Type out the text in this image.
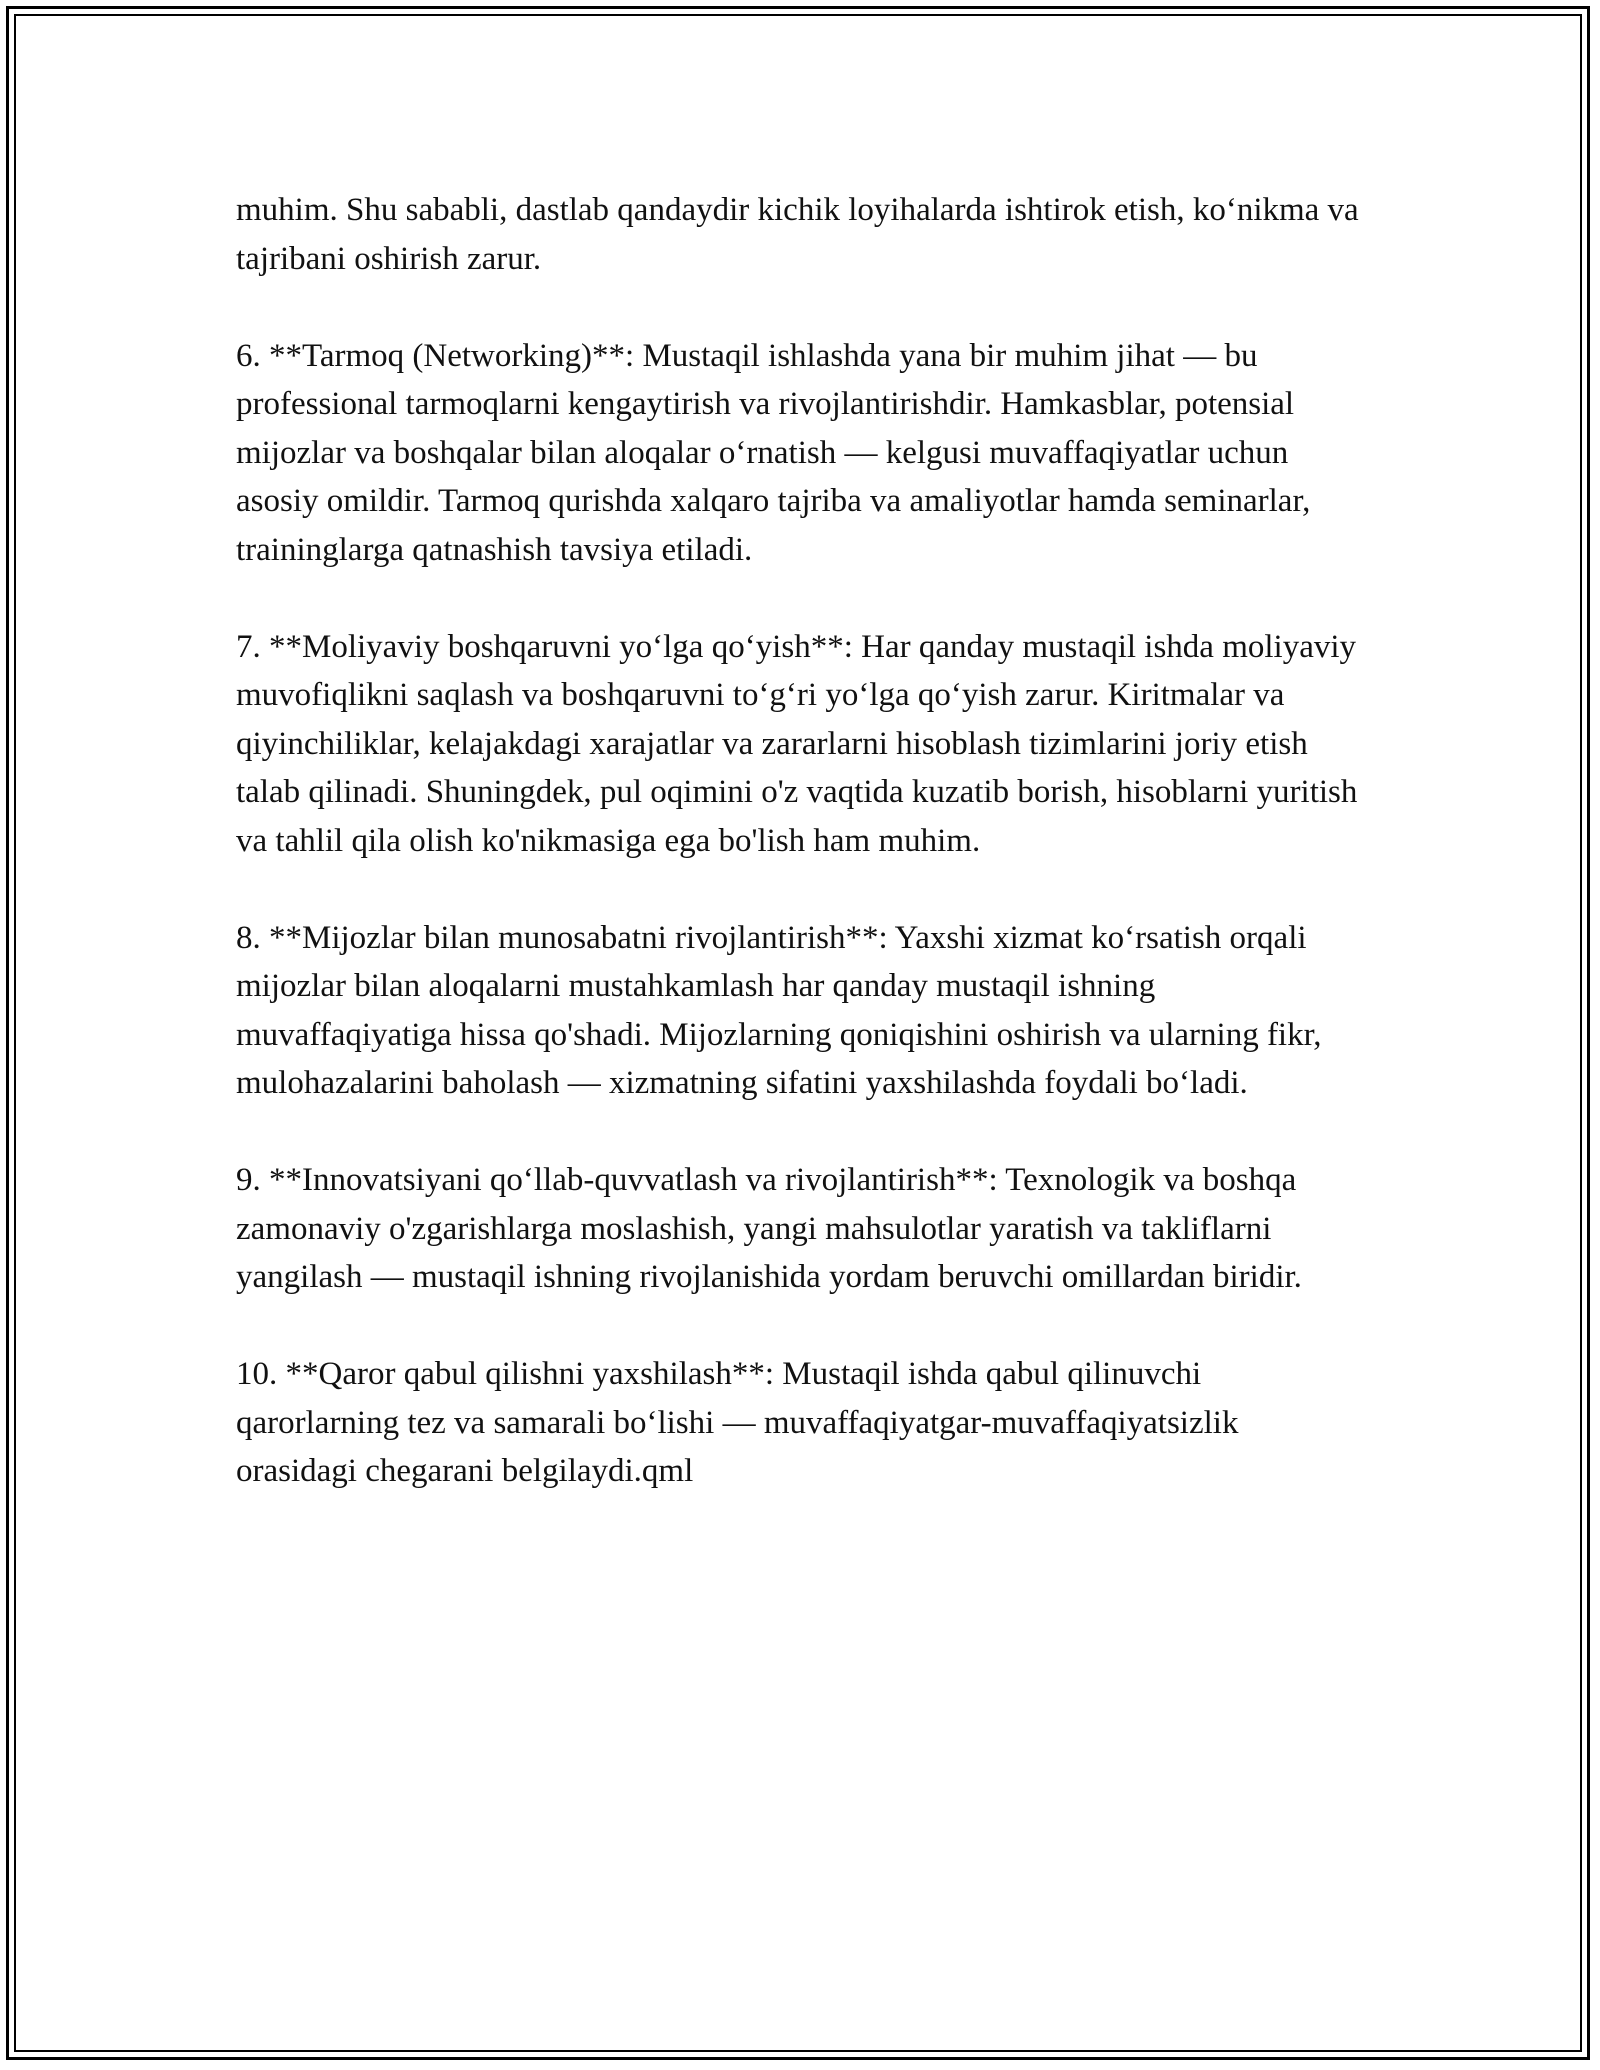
muhim. Shu sababli, dastlab qandaydir kichik loyihalarda ishtirok etish, ko‘nikma va tajribani oshirish zarur.

6. **Tarmoq (Networking)**: Mustaqil ishlashda yana bir muhim jihat — bu professional tarmoqlarni kengaytirish va rivojlantirishdir. Hamkasblar, potensial mijozlar va boshqalar bilan aloqalar o‘rnatish — kelgusi muvaffaqiyatlar uchun asosiy omildir. Tarmoq qurishda xalqaro tajriba va amaliyotlar hamda seminarlar, traininglarga qatnashish tavsiya etiladi.

7. **Moliyaviy boshqaruvni yo‘lga qo‘yish**: Har qanday mustaqil ishda moliyaviy muvofiqlikni saqlash va boshqaruvni to‘g‘ri yo‘lga qo‘yish zarur. Kiritmalar va qiyinchiliklar, kelajakdagi xarajatlar va zararlarni hisoblash tizimlarini joriy etish talab qilinadi. Shuningdek, pul oqimini o'z vaqtida kuzatib borish, hisoblarni yuritish va tahlil qila olish ko'nikmasiga ega bo'lish ham muhim.

8. **Mijozlar bilan munosabatni rivojlantirish**: Yaxshi xizmat ko‘rsatish orqali mijozlar bilan aloqalarni mustahkamlash har qanday mustaqil ishning muvaffaqiyatiga hissa qo'shadi. Mijozlarning qoniqishini oshirish va ularning fikr, mulohazalarini baholash — xizmatning sifatini yaxshilashda foydali bo‘ladi.

9. **Innovatsiyani qo‘llab-quvvatlash va rivojlantirish**: Texnologik va boshqa zamonaviy o'zgarishlarga moslashish, yangi mahsulotlar yaratish va takliflarni yangilash — mustaqil ishning rivojlanishida yordam beruvchi omillardan biridir.

10. **Qaror qabul qilishni yaxshilash**: Mustaqil ishda qabul qilinuvchi qarorlarning tez va samarali bo‘lishi — muvaffaqiyatgar-muvaffaqiyatsizlik orasidagi chegarani belgilaydi.qml
